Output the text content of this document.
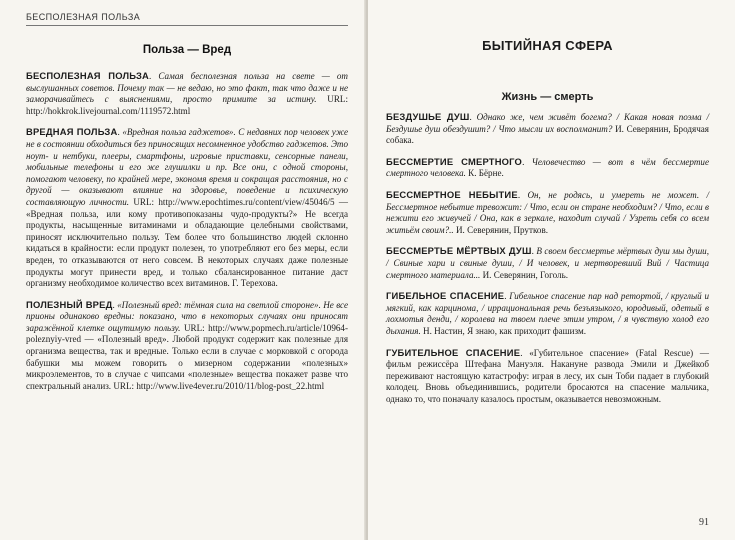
БЕСПОЛЕЗНАЯ ПОЛЬЗА
Польза — Вред

БЕСПОЛЕЗНАЯ ПОЛЬЗА. Самая бесполезная польза на свете — от выслушанных советов. Почему так — не ведаю, но это факт, так что даже и не заморачивайтесь с выяснениями, просто примите за истину. URL: http://hokkrok.livejournal.com/1119572.html

ВРЕДНАЯ ПОЛЬЗА. «Вредная польза гаджетов». С недавних пор человек уже не в состоянии обходиться без приносящих несомненное удобство гаджетов. Это ноут- и нетбуки, плееры, смартфоны, игровые приставки, сенсорные панели, мобильные телефоны и его же глушилки и пр. Все они, с одной стороны, помогают человеку, по крайней мере, экономя время и сокращая расстояния, но с другой — оказывают влияние на здоровье, поведение и психическую составляющую личности. URL: http://www.epochtimes.ru/content/view/45046/5 — «Вредная польза, или кому противопоказаны чудо-продукты?» Не всегда продукты, насыщенные витаминами и обладающие целебными свойствами, приносят исключительно пользу. Тем более что большинство людей склонно кидаться в крайности: если продукт полезен, то употребляют его без меры, если вреден, то отказываются от него совсем. В некоторых случаях даже полезные продукты могут принести вред, и только сбалансированное питание даст организму необходимое количество всех витаминов. Г. Терехова.

ПОЛЕЗНЫЙ ВРЕД. «Полезный вред: тёмная сила на светлой стороне». Не все прионы одинаково вредны: показано, что в некоторых случаях они приносят заражённой клетке ощутимую пользу. URL: http://www.popmech.ru/article/10964-poleznyiy-vred — «Полезный вред». Любой продукт содержит как полезные для организма вещества, так и вредные. Только если в случае с морковкой с огорода бабушки мы можем говорить о мизерном содержании «полезных» микроэлементов, то в случае с чипсами «полезные» вещества покажет разве что спектральный анализ. URL: http://www.live4ever.ru/2010/11/blog-post_22.html

БЫТИЙНАЯ СФЕРА
Жизнь — смерть

БЕЗДУШЬЕ ДУШ. Однако же, чем живёт богема? / Какая новая поэма / Бездушье душ обездушит? / Что мысли их восполманит? И. Северянин, Бродячая собака.

БЕССМЕРТИЕ СМЕРТНОГО. Человечество — вот в чём бессмертие смертного человека. К. Бёрне.

БЕССМЕРТНОЕ НЕБЫТИЕ. Он, не родясь, и умереть не может. / Бессмертное небытие тревожит: / Что, если он стране необходим? / Что, если в нежити его живучей / Она, как в зеркале, находит случай / Узреть себя со всем житьём своим?.. И. Северянин, Прутков.

БЕССМЕРТЬЕ МЁРТВЫХ ДУШ. В своем бессмертье мёртвых душ мы души, / Свиные хари и свиные души, / И человек, и мертворевший Вий / Частица смертного материала... И. Северянин, Гоголь.

ГИБЕЛЬНОЕ СПАСЕНИЕ. Гибельное спасение пар над ретортой, / круглый и мягкий, как карцинома, / иррациональная речь безъязыкого, юродивый, одетый в лохмотья денди, / королева на твоем плече этим утром, / я чувствую холод его дыхания. Н. Настин, Я знаю, как приходит фашизм.

ГУБИТЕЛЬНОЕ СПАСЕНИЕ. «Губительное спасение» (Fatal Rescue) — фильм режиссёра Штефана Мануэля. Накануне развода Эмили и Джейкоб переживают настоящую катастрофу: играя в лесу, их сын Тоби падает в глубокий колодец. Вновь объединившись, родители бросаются на спасение мальчика, однако то, что поначалу казалось простым, оказывается невозможным.

91
